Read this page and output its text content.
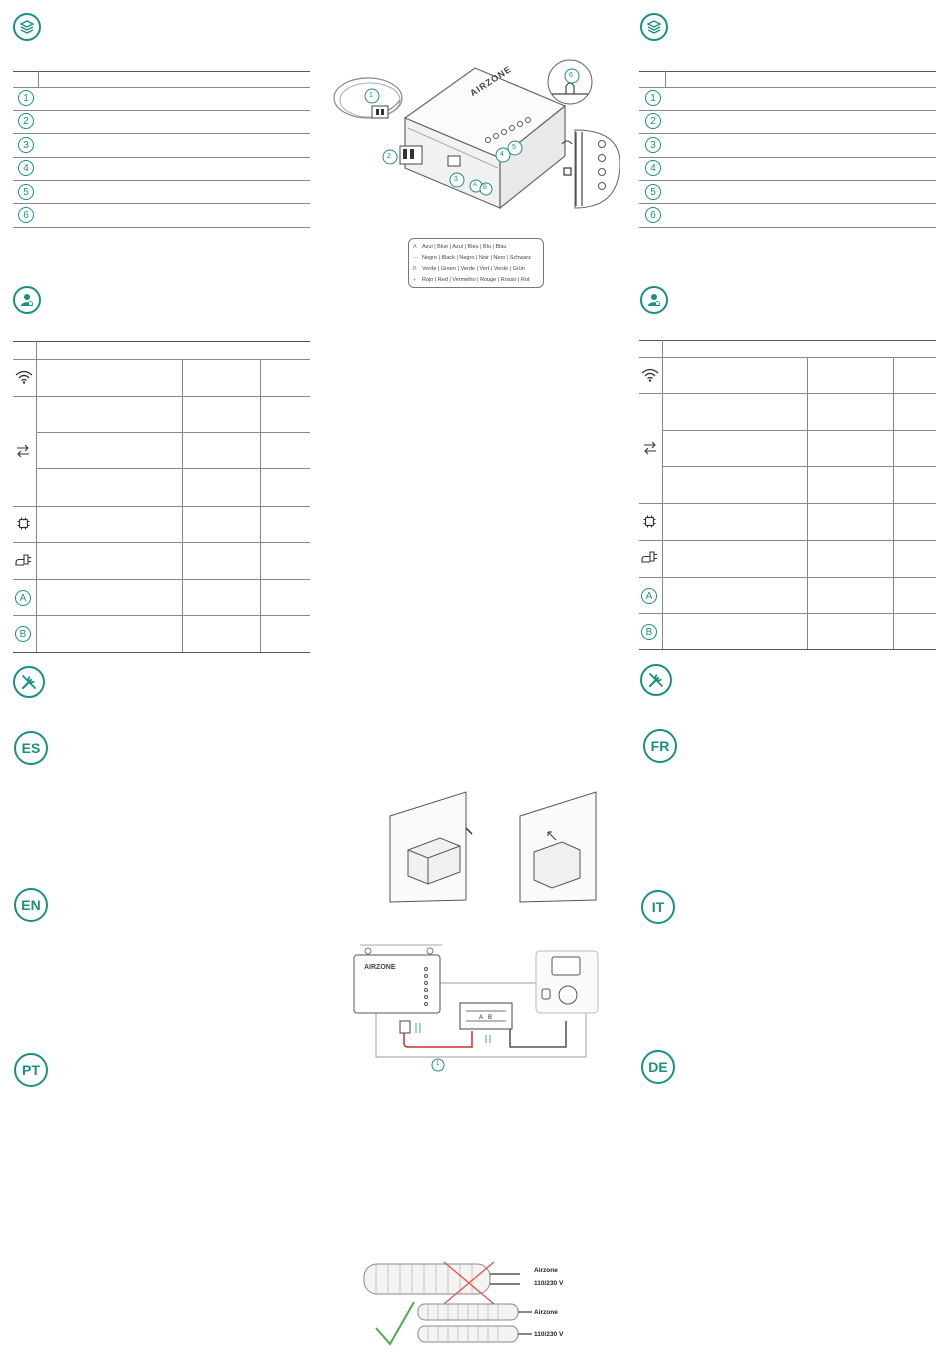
1
2
3
4
5
6
A
B
ES
EN
PT
1
2
3
4
5
6
A
B
FR
IT
DE
AIRZONE
1
2
3
4
5
6
A B
A Azul | Blue | Azul | Bleu | Blu | Blau
— Negro | Black | Negro | Noir | Nero | Schwarz
B Verde | Green | Verde | Vert | Verde | Grün
+ Rojo | Red | Vermelho | Rouge | Rosso | Rot
AIRZONE
A B
1
Airzone
110/230 V
Airzone
110/230 V
